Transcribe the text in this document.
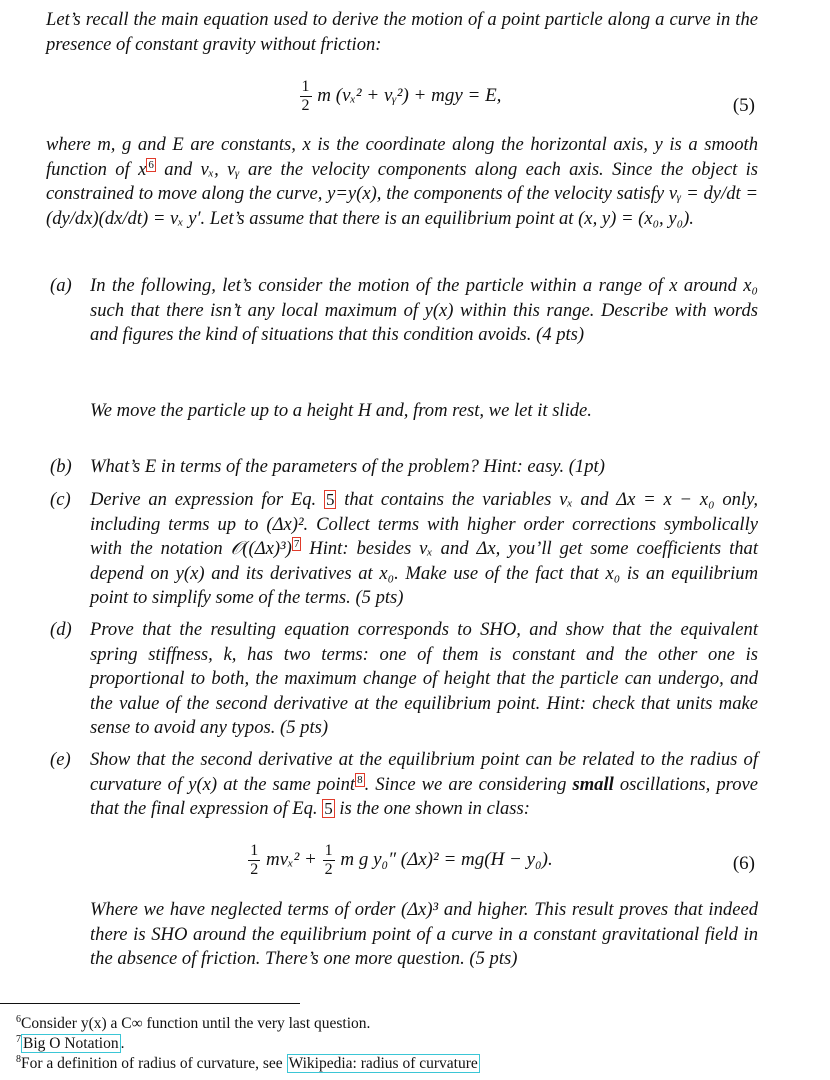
Let’s recall the main equation used to derive the motion of a point particle along a curve in the presence of constant gravity without friction:

$\frac{1}{2}$ m (vₓ² + vᵧ²) + mgy = E,	(5)

where m, g and E are constants, x is the coordinate along the horizontal axis, y is a smooth function of x 6 and vₓ, vᵧ are the velocity components along each axis. Since the object is constrained to move along the curve, y=y(x), the components of the velocity satisfy vᵧ = dy/dt = (dy/dx)(dx/dt) = vₓ y′. Let’s assume that there is an equilibrium point at (x, y) = (x₀, y₀).

(a) In the following, let’s consider the motion of the particle within a range of x around x₀ such that there isn’t any local maximum of y(x) within this range. Describe with words and figures the kind of situations that this condition avoids. (4 pts)

We move the particle up to a height H and, from rest, we let it slide.

(b) What’s E in terms of the parameters of the problem? Hint: easy. (1pt)

(c) Derive an expression for Eq. 5 that contains the variables vₓ and Δx = x − x₀ only, including terms up to (Δx)². Collect terms with higher order corrections symbolically with the notation 𝒪((Δx)³) 7 Hint: besides vₓ and Δx, you’ll get some coefficients that depend on y(x) and its derivatives at x₀. Make use of the fact that x₀ is an equilibrium point to simplify some of the terms. (5 pts)

(d) Prove that the resulting equation corresponds to SHO, and show that the equivalent spring stiffness, k, has two terms: one of them is constant and the other one is proportional to both, the maximum change of height that the particle can undergo, and the value of the second derivative at the equilibrium point. Hint: check that units make sense to avoid any typos. (5 pts)

(e) Show that the second derivative at the equilibrium point can be related to the radius of curvature of y(x) at the same point 8 . Since we are considering small oscillations, prove that the final expression of Eq. 5 is the one shown in class:

$\frac{1}{2} mv_x^2 + \frac{1}{2}$ m g y₀″ (Δx)² = mg(H − y₀).	(6)

Where we have neglected terms of order (Δx)³ and higher. This result proves that indeed there is SHO around the equilibrium point of a curve in a constant gravitational field in the absence of friction. There’s one more question. (5 pts)

$^6$Consider y(x) a C∞ function until the very last question.
$^7$ Big O Notation .
$^8$For a definition of radius of curvature, see Wikipedia: radius of curvature
